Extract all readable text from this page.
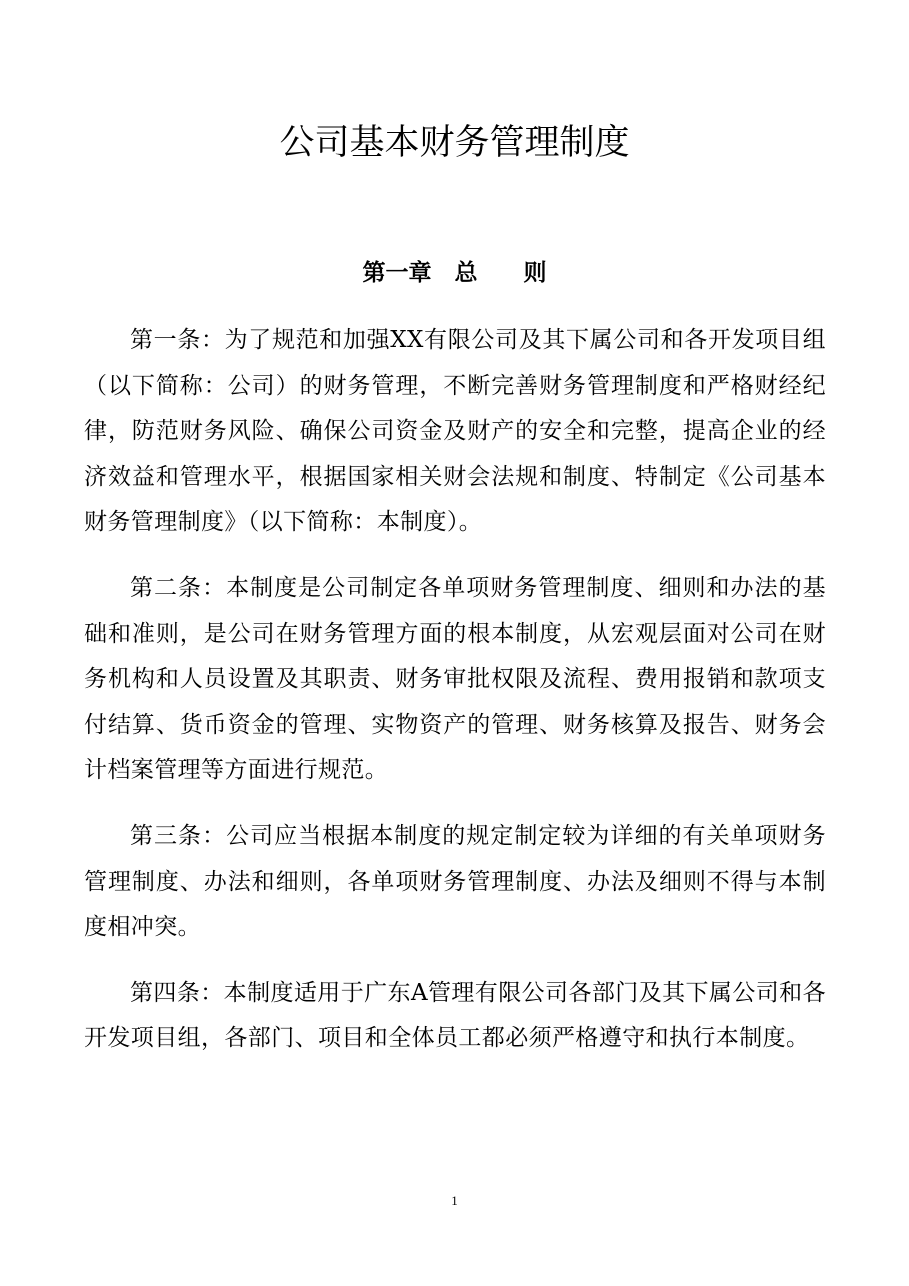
公司基本财务管理制度
第一章　总　　则

第一条：为了规范和加强XX有限公司及其下属公司和各开发项目组（以下简称：公司）的财务管理，不断完善财务管理制度和严格财经纪律，防范财务风险、确保公司资金及财产的安全和完整，提高企业的经济效益和管理水平，根据国家相关财会法规和制度、特制定《公司基本财务管理制度》（以下简称：本制度）。

第二条：本制度是公司制定各单项财务管理制度、细则和办法的基础和准则，是公司在财务管理方面的根本制度，从宏观层面对公司在财务机构和人员设置及其职责、财务审批权限及流程、费用报销和款项支付结算、货币资金的管理、实物资产的管理、财务核算及报告、财务会计档案管理等方面进行规范。

第三条：公司应当根据本制度的规定制定较为详细的有关单项财务管理制度、办法和细则，各单项财务管理制度、办法及细则不得与本制度相冲突。

第四条：本制度适用于广东A管理有限公司各部门及其下属公司和各开发项目组，各部门、项目和全体员工都必须严格遵守和执行本制度。

1
